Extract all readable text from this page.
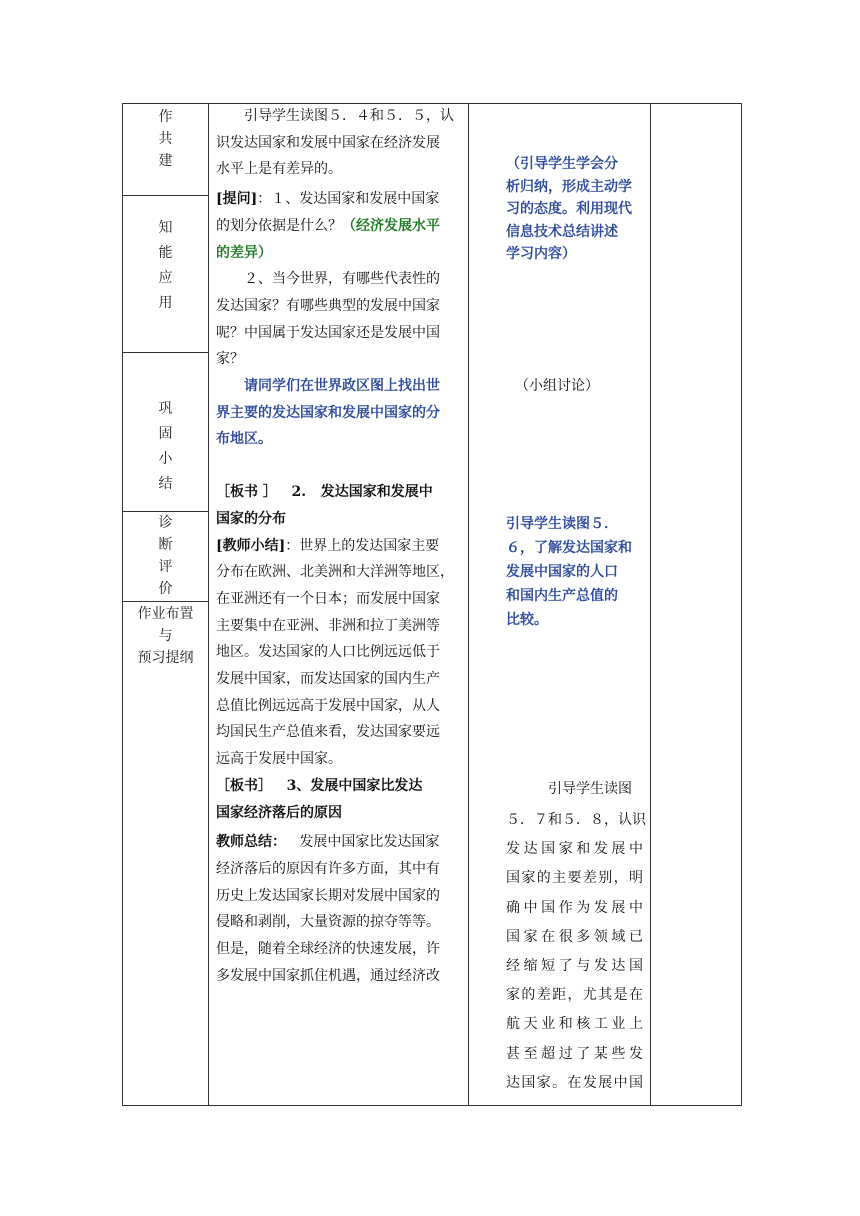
作
共
建
知
能
应
用
巩
固
小
结
诊
断
评
价
作业布置
与
预习提纲

引导学生读图５．４和５．５，认

识发达国家和发展中国家在经济发展

水平上是有差异的。

[提问]：１、发达国家和发展中国家

的划分依据是什么？（经济发展水平

的差异）

２、当今世界，有哪些代表性的

发达国家？有哪些典型的发展中国家

呢？中国属于发达国家还是发展中国

家？

请同学们在世界政区图上找出世

界主要的发达国家和发展中国家的分

布地区。

［板书 ］   2.   发达国家和发展中

国家的分布

[教师小结]：世界上的发达国家主要

分布在欧洲、北美洲和大洋洲等地区，

在亚洲还有一个日本；而发展中国家

主要集中在亚洲、非洲和拉丁美洲等

地区。发达国家的人口比例远远低于

发展中国家，而发达国家的国内生产

总值比例远远高于发展中国家，从人

均国民生产总值来看，发达国家要远

远高于发展中国家。

［板书］   3、发展中国家比发达

国家经济落后的原因

教师总结：   发展中国家比发达国家

经济落后的原因有许多方面，其中有

历史上发达国家长期对发展中国家的

侵略和剥削，大量资源的掠夺等等。

但是，随着全球经济的快速发展，许

多发展中国家抓住机遇，通过经济改

（引导学生学会分
析归纳，形成主动学
习的态度。利用现代
信息技术总结讲述
学习内容）
（小组讨论）
引导学生读图５．
６，了解发达国家和
发展中国家的人口
和国内生产总值的
比较。
引导学生读图
５．７和５．８，认识
发达国家和发展中
国家的主要差别，明
确中国作为发展中
国家在很多领域已
经缩短了与发达国
家的差距，尤其是在
航天业和核工业上
甚至超过了某些发
达国家。在发展中国
